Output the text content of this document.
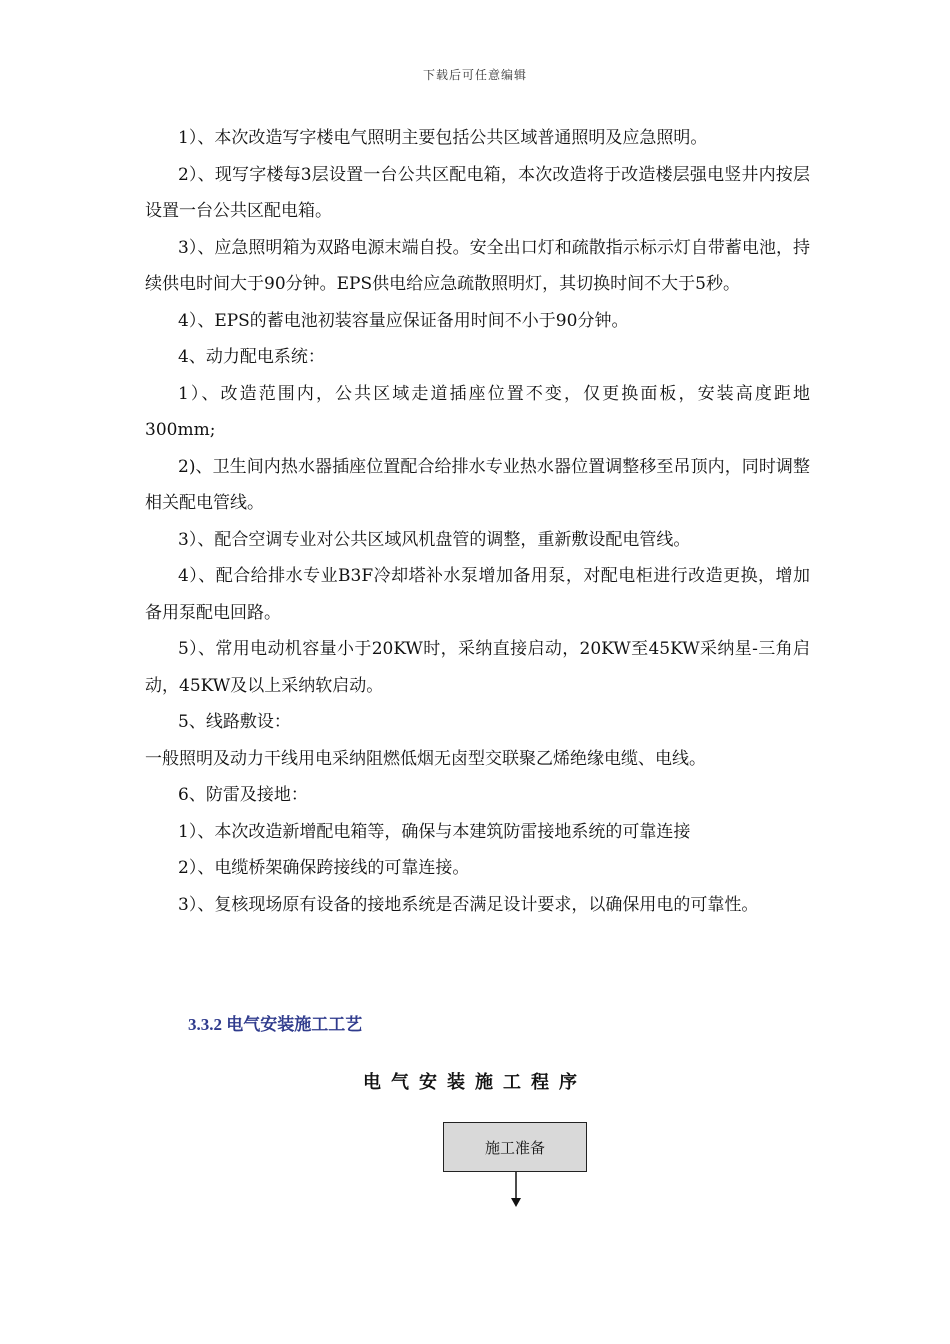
下载后可任意编辑

1）、本次改造写字楼电气照明主要包括公共区域普通照明及应急照明。

2）、现写字楼每3层设置一台公共区配电箱，本次改造将于改造楼层强电竖井内按层设置一台公共区配电箱。

3）、应急照明箱为双路电源末端自投。安全出口灯和疏散指示标示灯自带蓄电池，持续供电时间大于90分钟。EPS供电给应急疏散照明灯，其切换时间不大于5秒。

4）、EPS的蓄电池初装容量应保证备用时间不小于90分钟。

4、动力配电系统：

1）、改造范围内，公共区域走道插座位置不变，仅更换面板，安装高度距地300mm;

2)、卫生间内热水器插座位置配合给排水专业热水器位置调整移至吊顶内，同时调整相关配电管线。

3）、配合空调专业对公共区域风机盘管的调整，重新敷设配电管线。

4）、配合给排水专业B3F冷却塔补水泵增加备用泵，对配电柜进行改造更换，增加备用泵配电回路。

5）、常用电动机容量小于20KW时，采纳直接启动，20KW至45KW采纳星-三角启动，45KW及以上采纳软启动。

5、线路敷设：

一般照明及动力干线用电采纳阻燃低烟无卤型交联聚乙烯绝缘电缆、电线。

6、防雷及接地：

1）、本次改造新增配电箱等，确保与本建筑防雷接地系统的可靠连接

2）、电缆桥架确保跨接线的可靠连接。

3）、复核现场原有设备的接地系统是否满足设计要求，以确保用电的可靠性。

3.3.2 电气安装施工工艺
电气安装施工程序
施工准备
